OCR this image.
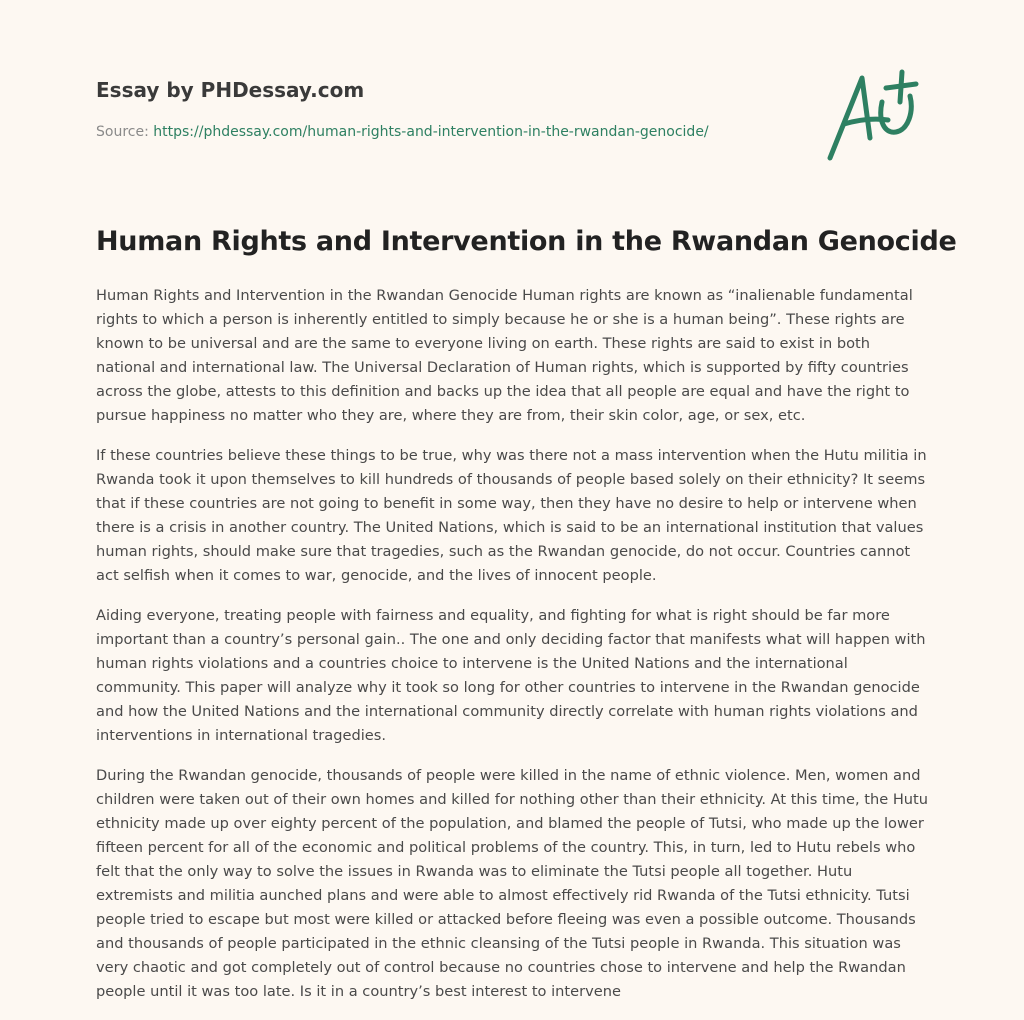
Essay by PHDessay.com
Source: https://phdessay.com/human-rights-and-intervention-in-the-rwandan-genocide/
Human Rights and Intervention in the Rwandan Genocide

Human Rights and Intervention in the Rwandan Genocide Human rights are known as “inalienable fundamental rights to which a person is inherently entitled to simply because he or she is a human being”. These rights are known to be universal and are the same to everyone living on earth. These rights are said to exist in both national and international law. The Universal Declaration of Human rights, which is supported by fifty countries across the globe, attests to this definition and backs up the idea that all people are equal and have the right to pursue happiness no matter who they are, where they are from, their skin color, age, or sex, etc.

If these countries believe these things to be true, why was there not a mass intervention when the Hutu militia in Rwanda took it upon themselves to kill hundreds of thousands of people based solely on their ethnicity? It seems that if these countries are not going to benefit in some way, then they have no desire to help or intervene when there is a crisis in another country. The United Nations, which is said to be an international institution that values human rights, should make sure that tragedies, such as the Rwandan genocide, do not occur. Countries cannot act selfish when it comes to war, genocide, and the lives of innocent people.

Aiding everyone, treating people with fairness and equality, and fighting for what is right should be far more important than a country’s personal gain.. The one and only deciding factor that manifests what will happen with human rights violations and a countries choice to intervene is the United Nations and the international community. This paper will analyze why it took so long for other countries to intervene in the Rwandan genocide and how the United Nations and the international community directly correlate with human rights violations and interventions in international tragedies.

During the Rwandan genocide, thousands of people were killed in the name of ethnic violence. Men, women and children were taken out of their own homes and killed for nothing other than their ethnicity. At this time, the Hutu ethnicity made up over eighty percent of the population, and blamed the people of Tutsi, who made up the lower fifteen percent for all of the economic and political problems of the country. This, in turn, led to Hutu rebels who felt that the only way to solve the issues in Rwanda was to eliminate the Tutsi people all together. Hutu extremists and militia aunched plans and were able to almost effectively rid Rwanda of the Tutsi ethnicity. Tutsi people tried to escape but most were killed or attacked before fleeing was even a possible outcome. Thousands and thousands of people participated in the ethnic cleansing of the Tutsi people in Rwanda. This situation was very chaotic and got completely out of control because no countries chose to intervene and help the Rwandan people until it was too late. Is it in a country’s best interest to intervene
